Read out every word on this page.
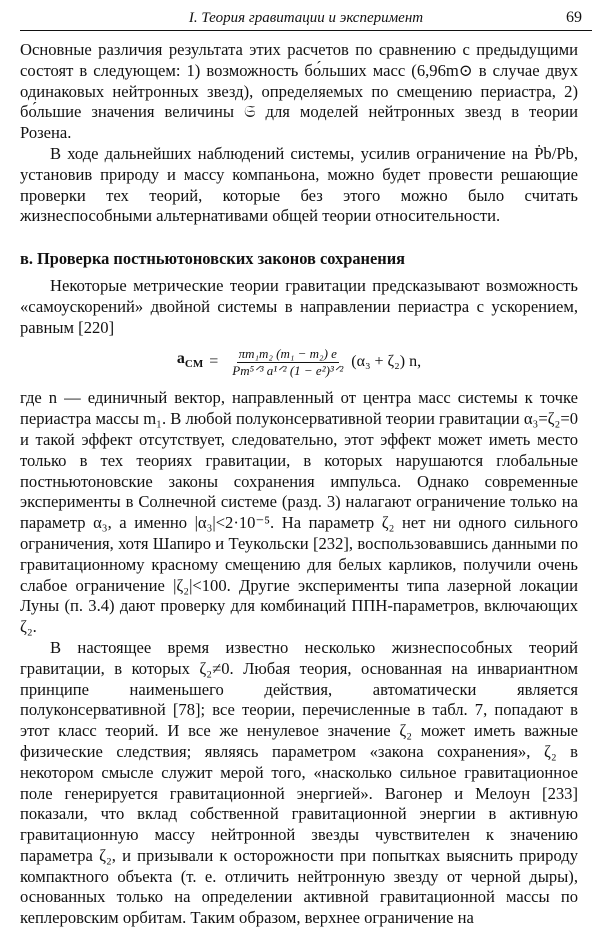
I. Теория гравитации и эксперимент	69

Основные различия результата этих расчетов по сравнению с предыдущими состоят в следующем: 1) возможность бо́льших масс (6,96m⊙ в случае двух одинаковых нейтронных звезд), определяемых по смещению периастра, 2) бо́льшие значения величины 𝔖 для моделей нейтронных звезд в теории Розена.

В ходе дальнейших наблюдений системы, усилив ограничение на Ṗb/Pb, установив природу и массу компаньона, можно будет провести решающие проверки тех теорий, которые без этого можно было считать жизнеспособными альтернативами общей теории относительности.

в. Проверка постньютоновских законов сохранения

Некоторые метрические теории гравитации предсказывают возможность «самоускорений» двойной системы в направлении периастра с ускорением, равным [220]

$a_{CM} = \frac{\text{πm₁m₂ (m₁ − m₂) e}}{\text{Pm⁵ᐟ³ a¹ᐟ² (1 − e²)³ᐟ²}} (\alpha_3 + \zeta_2)$ n,

где n — единичный вектор, направленный от центра масс системы к точке периастра массы m₁. В любой полуконсервативной теории гравитации α₃=ζ₂=0 и такой эффект отсутствует, следовательно, этот эффект может иметь место только в тех теориях гравитации, в которых нарушаются глобальные постньютоновские законы сохранения импульса. Однако современные эксперименты в Солнечной системе (разд. 3) налагают ограничение только на параметр α₃, а именно |α₃|<2·10⁻⁵. На параметр ζ₂ нет ни одного сильного ограничения, хотя Шапиро и Теукольски [232], воспользовавшись данными по гравитационному красному смещению для белых карликов, получили очень слабое ограничение |ζ₂|<100. Другие эксперименты типа лазерной локации Луны (п. 3.4) дают проверку для комбинаций ППН-параметров, включающих ζ₂.

В настоящее время известно несколько жизнеспособных теорий гравитации, в которых ζ₂≠0. Любая теория, основанная на инвариантном принципе наименьшего действия, автоматически является полуконсервативной [78]; все теории, перечисленные в табл. 7, попадают в этот класс теорий. И все же ненулевое значение ζ₂ может иметь важные физические следствия; являясь параметром «закона сохранения», ζ₂ в некотором смысле служит мерой того, «насколько сильное гравитационное поле генерируется гравитационной энергией». Вагонер и Мелоун [233] показали, что вклад собственной гравитационной энергии в активную гравитационную массу нейтронной звезды чувствителен к значению параметра ζ₂, и призывали к осторожности при попытках выяснить природу компактного объекта (т. е. отличить нейтронную звезду от черной дыры), основанных только на определении активной гравитационной массы по кеплеровским орбитам. Таким образом, верхнее ограничение на
